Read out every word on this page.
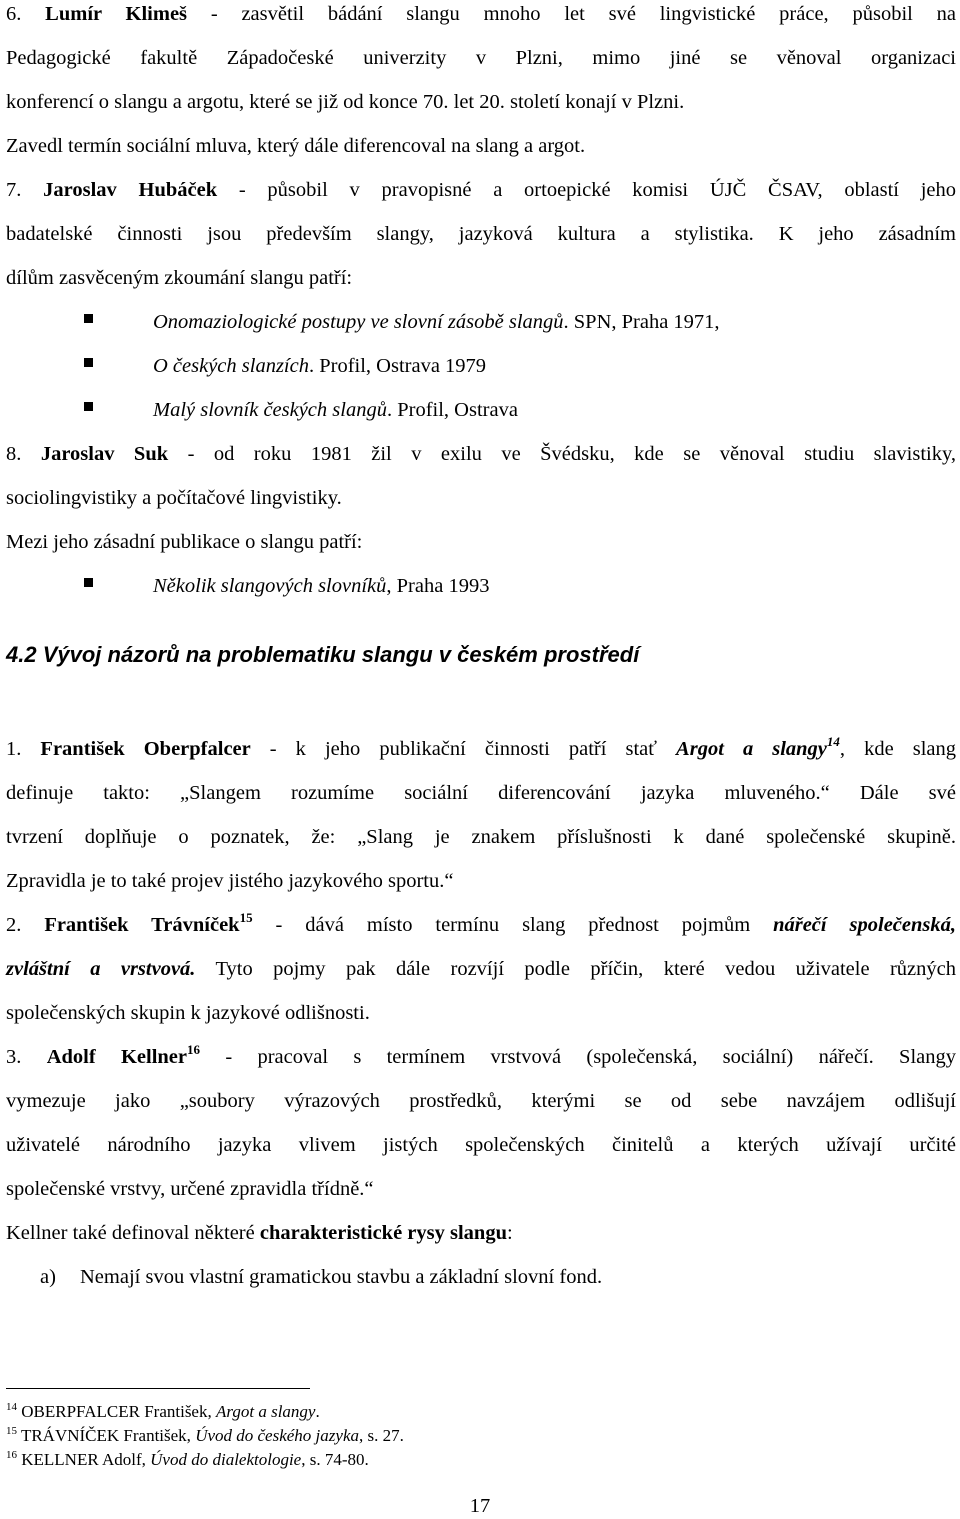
6. Lumír Klimeš - zasvětil bádání slangu mnoho let své lingvistické práce, působil na
Pedagogické fakultě Západočeské univerzity v Plzni, mimo jiné se věnoval organizaci
konferencí o slangu a argotu, které se již od konce 70. let 20. století konají v Plzni.
Zavedl termín sociální mluva, který dále diferencoval na slang a argot.
7. Jaroslav Hubáček - působil v pravopisné a ortoepické komisi ÚJČ ČSAV, oblastí jeho
badatelské činnosti jsou především slangy, jazyková kultura a stylistika. K jeho zásadním
dílům zasvěceným zkoumání slangu patří:
Onomaziologické postupy ve slovní zásobě slangů. SPN, Praha 1971,
O českých slanzích. Profil, Ostrava 1979
Malý slovník českých slangů. Profil, Ostrava
8. Jaroslav Suk - od roku 1981 žil v exilu ve Švédsku, kde se věnoval studiu slavistiky,
sociolingvistiky a počítačové lingvistiky.
Mezi jeho zásadní publikace o slangu patří:
Několik slangových slovníků, Praha 1993
4.2 Vývoj názorů na problematiku slangu v českém prostředí
1. František Oberpfalcer - k jeho publikační činnosti patří stať Argot a slangy$^{14}$, kde slang
definuje takto: „Slangem rozumíme sociální diferencování jazyka mluveného.“ Dále své
tvrzení doplňuje o poznatek, že: „Slang je znakem příslušnosti k dané společenské skupině.
Zpravidla je to také projev jistého jazykového sportu.“
2. František Trávníček$^{15}$ - dává místo termínu slang přednost pojmům nářečí společenská,
zvláštní a vrstvová. Tyto pojmy pak dále rozvíjí podle příčin, které vedou uživatele různých
společenských skupin k jazykové odlišnosti.
3. Adolf Kellner$^{16}$ - pracoval s termínem vrstvová (společenská, sociální) nářečí. Slangy
vymezuje jako „soubory výrazových prostředků, kterými se od sebe navzájem odlišují
uživatelé národního jazyka vlivem jistých společenských činitelů a kterých užívají určité
společenské vrstvy, určené zpravidla třídně.“
Kellner také definoval některé charakteristické rysy slangu:
a)	Nemají svou vlastní gramatickou stavbu a základní slovní fond.
$^{14}$ OBERPFALCER František, Argot a slangy.
$^{15}$ TRÁVNÍČEK František, Úvod do českého jazyka, s. 27.
$^{16}$ KELLNER Adolf, Úvod do dialektologie, s. 74-80.
17
